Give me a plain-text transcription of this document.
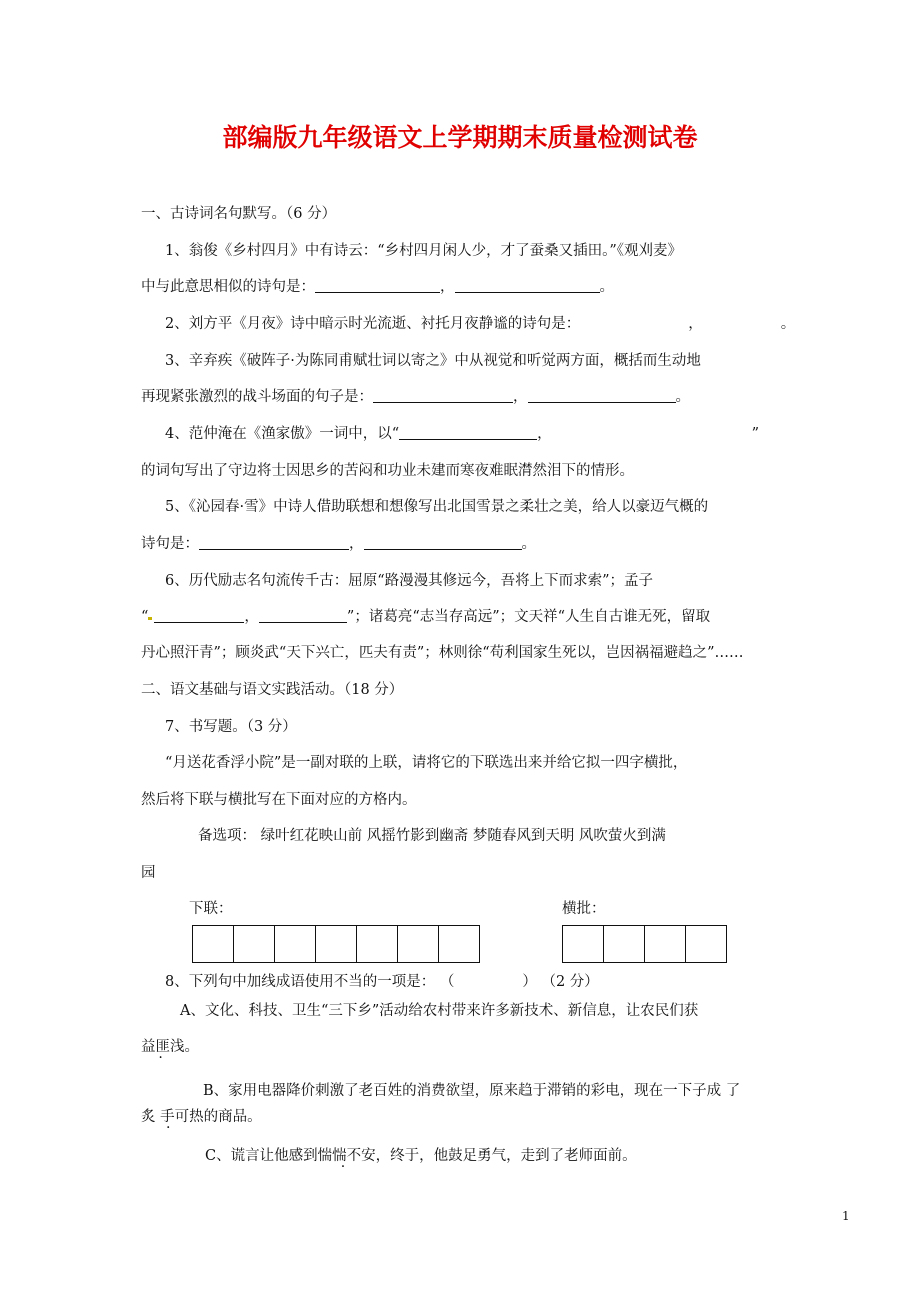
部编版九年级语文上学期期末质量检测试卷
一、古诗词名句默写。（6 分）
1、翁俊《乡村四月》中有诗云：“乡村四月闲人少，才了蚕桑又插田。”《观刈麦》
中与此意思相似的诗句是：	，	。
2、刘方平《月夜》诗中暗示时光流逝、衬托月夜静谧的诗句是：	，	。
3、辛弃疾《破阵子·为陈同甫赋壮词以寄之》中从视觉和听觉两方面，概括而生动地
再现紧张激烈的战斗场面的句子是：	，	。
4、范仲淹在《渔家傲》一词中，以“	，	”
的词句写出了守边将士因思乡的苦闷和功业未建而寒夜难眠潸然泪下的情形。
5、《沁园春·雪》中诗人借助联想和想像写出北国雪景之柔壮之美，给人以豪迈气概的
诗句是：	，	。
6、历代励志名句流传千古：屈原“路漫漫其修远今，吾将上下而求索”；孟子
“	，	”；诸葛亮“志当存高远”；文天祥“人生自古谁无死，留取
丹心照汗青”；顾炎武“天下兴亡，匹夫有责”；林则徐“苟利国家生死以，岂因祸福避趋之”……
二、语文基础与语文实践活动。（18 分）
7、书写题。（3 分）
“月送花香浮小院”是一副对联的上联，请将它的下联选出来并给它拟一四字横批，
然后将下联与横批写在下面对应的方格内。
备选项： 绿叶红花映山前 风摇竹影到幽斋 梦随春风到天明 风吹萤火到满
园
下联：	横批：
8、下列句中加线成语使用不当的一项是： （	） （2 分）
A、文化、科技、卫生“三下乡”活动给农村带来许多新技术、新信息，让农民们获
益匪浅。
B、家用电器降价刺激了老百姓的消费欲望，原来趋于滞销的彩电，现在一下子成 了
炙 手可热 .的商品。
C、谎言让他感到惴惴不安，终于，他鼓足勇气，走到了老师面前。
1
